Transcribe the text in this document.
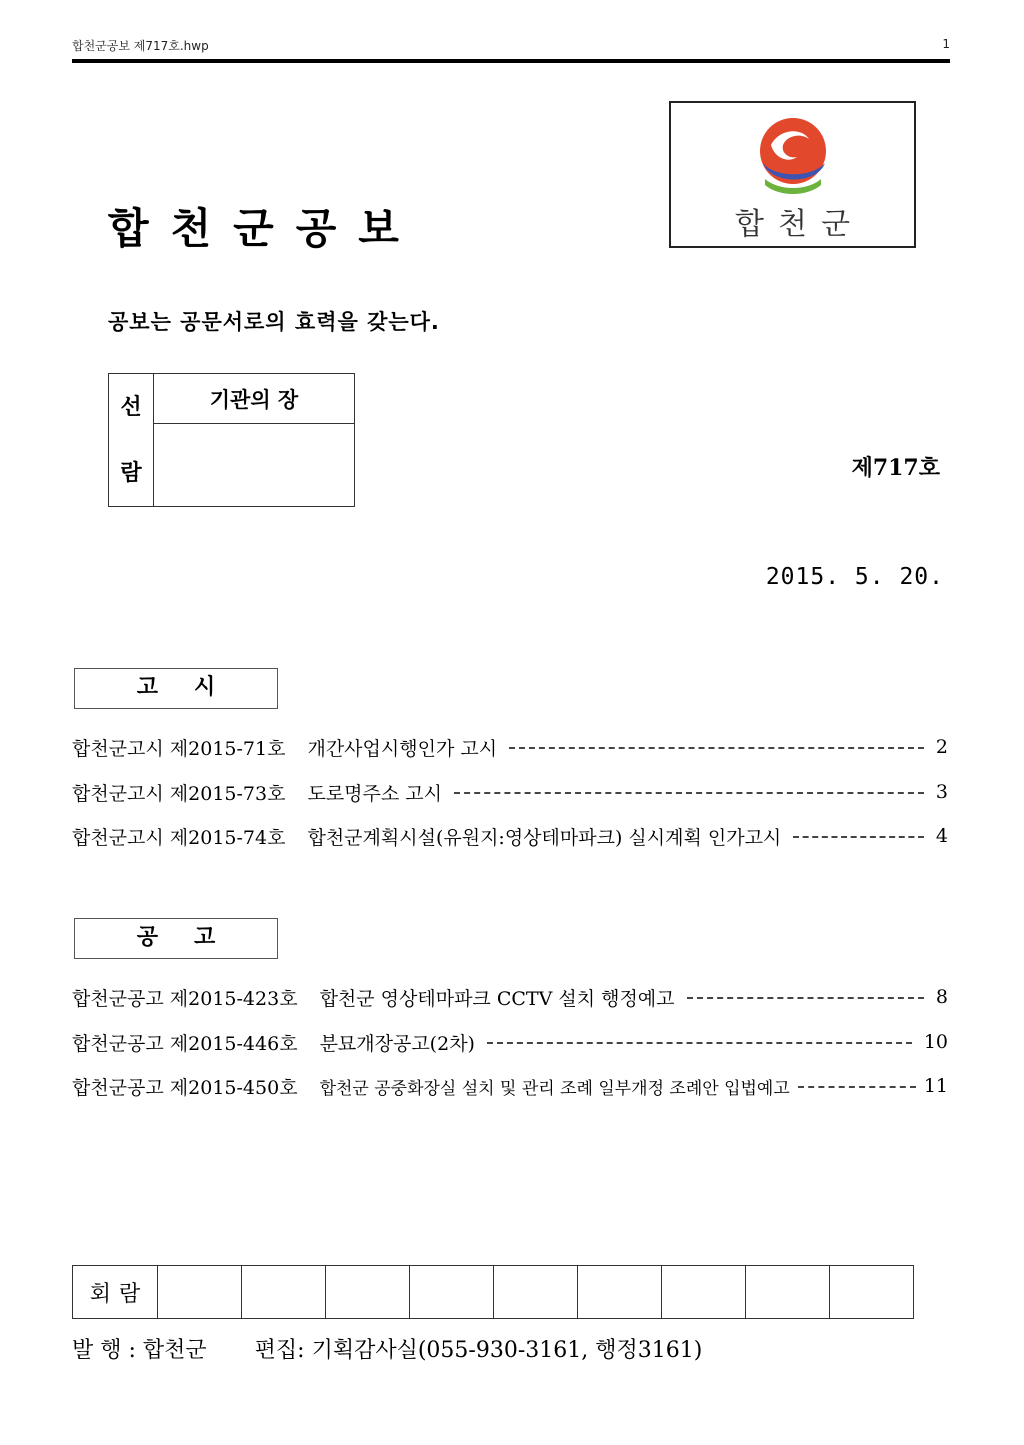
합천군공보 제717호.hwp	1
합천군공보	합천군
공보는 공문서로의 효력을 갖는다.
선
람	기관의 장

제717호
2015. 5. 20.
고시
합천군고시 제2015-71호 개간사업시행인가 고시	2
합천군고시 제2015-73호 도로명주소 고시	3
합천군고시 제2015-74호 합천군계획시설(유원지:영상테마파크) 실시계획 인가고시	4
공고
합천군공고 제2015-423호 합천군 영상테마파크 CCTV 설치 행정예고	8
합천군공고 제2015-446호 분묘개장공고(2차)	10
합천군공고 제2015-450호 합천군 공중화장실 설치 및 관리 조례 일부개정 조례안 입법예고	11
회람									
발 행 : 합천군 편집: 기획감사실(055-930-3161, 행정3161)
